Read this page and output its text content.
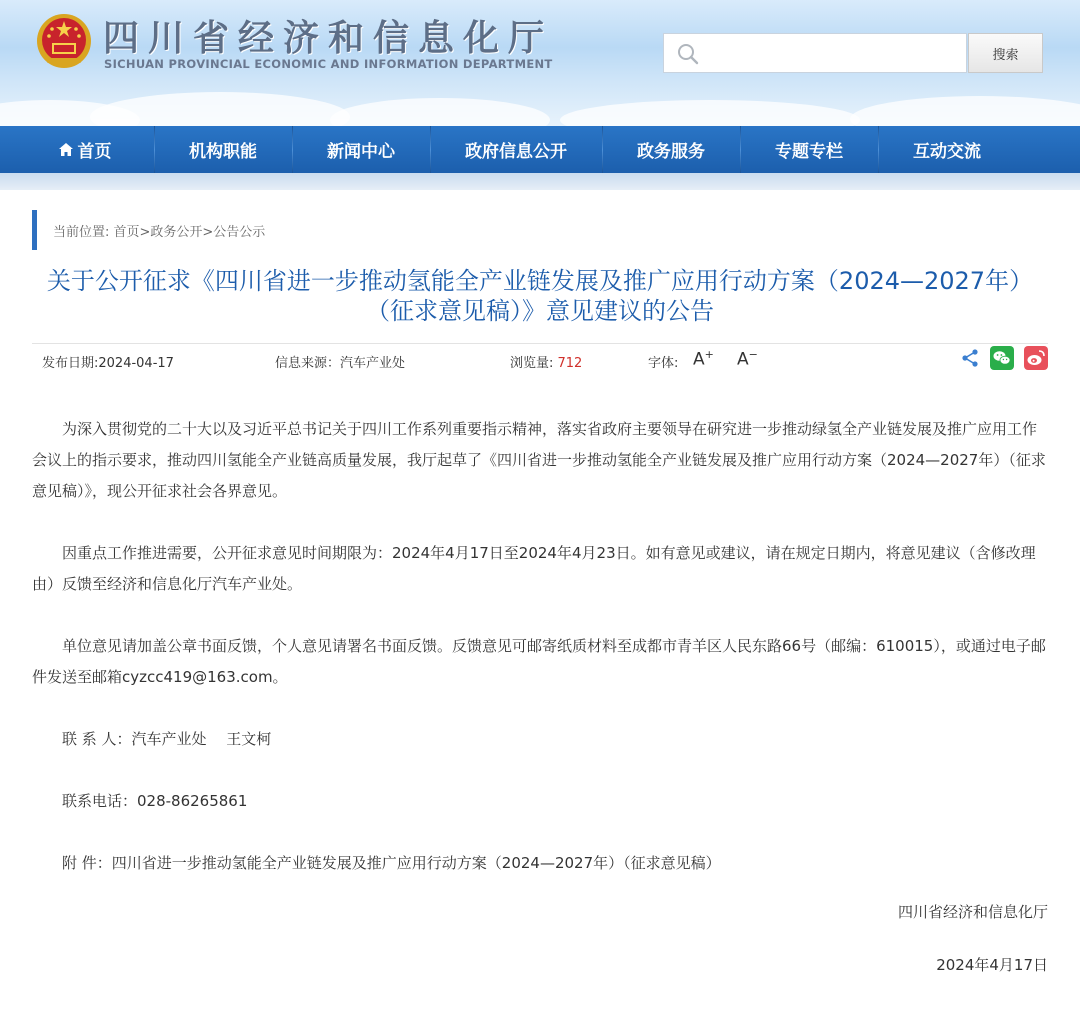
四川省经济和信息化厅
SICHUAN PROVINCIAL ECONOMIC AND INFORMATION DEPARTMENT
搜索
首页	机构职能	新闻中心	政府信息公开	政务服务	专题专栏	互动交流
当前位置: 首页>政务公开>公告公示
关于公开征求《四川省进一步推动氢能全产业链发展及推广应用行动方案（2024—2027年）
（征求意见稿）》意见建议的公告
发布日期:2024-04-17	信息来源：汽车产业处	浏览量: 712	字体: A+ A−

为深入贯彻党的二十大以及习近平总书记关于四川工作系列重要指示精神，落实省政府主要领导在研究进一步推动绿氢全产业链发展及推广应用工作会议上的指示要求，推动四川氢能全产业链高质量发展，我厅起草了《四川省进一步推动氢能全产业链发展及推广应用行动方案（2024—2027年）（征求意见稿）》，现公开征求社会各界意见。

因重点工作推进需要，公开征求意见时间期限为：2024年4月17日至2024年4月23日。如有意见或建议，请在规定日期内，将意见建议（含修改理由）反馈至经济和信息化厅汽车产业处。

单位意见请加盖公章书面反馈，个人意见请署名书面反馈。反馈意见可邮寄纸质材料至成都市青羊区人民东路66号（邮编：610015），或通过电子邮件发送至邮箱cyzcc419@163.com。

联 系 人：汽车产业处　 王文柯

联系电话：028-86265861

附 件：四川省进一步推动氢能全产业链发展及推广应用行动方案（2024—2027年）（征求意见稿）

四川省经济和信息化厅
2024年4月17日
